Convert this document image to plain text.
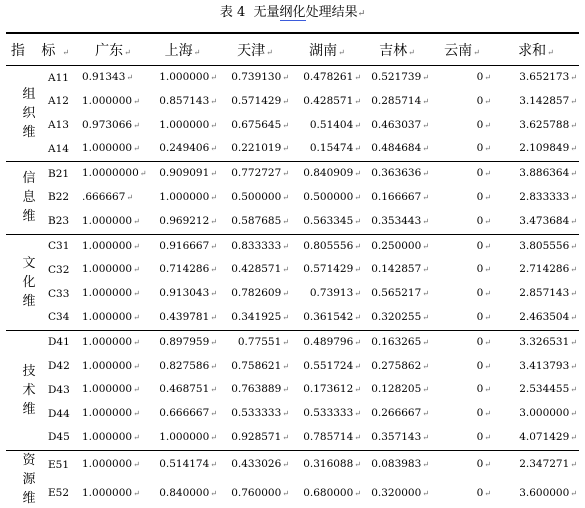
表 4 无量纲化处理结果↵
指 标↵		广东↵	上海↵	天津↵	湖南↵	吉林↵	云南↵	求和↵
组织维	A11	0.91343↵	1.000000↵	0.739130↵	0.478261↵	0.521739↵	0↵	3.652173↵
	A12	1.000000↵	0.857143↵	0.571429↵	0.428571↵	0.285714↵	0↵	3.142857↵
	A13	0.973066↵	1.000000↵	0.675645↵	0.51404↵	0.463037↵	0↵	3.625788↵
	A14	1.000000↵	0.249406↵	0.221019↵	0.15474↵	0.484684↵	0↵	2.109849↵
信息维	B21	1.0000000↵	0.909091↵	0.772727↵	0.840909↵	0.363636↵	0↵	3.886364↵
	B22	.666667↵	1.000000↵	0.500000↵	0.500000↵	0.166667↵	0↵	2.833333↵
	B23	1.000000↵	0.969212↵	0.587685↵	0.563345↵	0.353443↵	0↵	3.473684↵
文化维	C31	1.000000↵	0.916667↵	0.833333↵	0.805556↵	0.250000↵	0↵	3.805556↵
	C32	1.000000↵	0.714286↵	0.428571↵	0.571429↵	0.142857↵	0↵	2.714286↵
	C33	1.000000↵	0.913043↵	0.782609↵	0.73913↵	0.565217↵	0↵	2.857143↵
	C34	1.000000↵	0.439781↵	0.341925↵	0.361542↵	0.320255↵	0↵	2.463504↵
技术维	D41	1.000000↵	0.897959↵	0.77551↵	0.489796↵	0.163265↵	0↵	3.326531↵
	D42	1.000000↵	0.827586↵	0.758621↵	0.551724↵	0.275862↵	0↵	3.413793↵
	D43	1.000000↵	0.468751↵	0.763889↵	0.173612↵	0.128205↵	0↵	2.534455↵
	D44	1.000000↵	0.666667↵	0.533333↵	0.533333↵	0.266667↵	0↵	3.000000↵
	D45	1.000000↵	1.000000↵	0.928571↵	0.785714↵	0.357143↵	0↵	4.071429↵
资源维	E51	1.000000↵	0.514174↵	0.433026↵	0.316088↵	0.083983↵	0↵	2.347271↵
	E52	1.000000↵	0.840000↵	0.760000↵	0.680000↵	0.320000↵	0↵	3.600000↵
